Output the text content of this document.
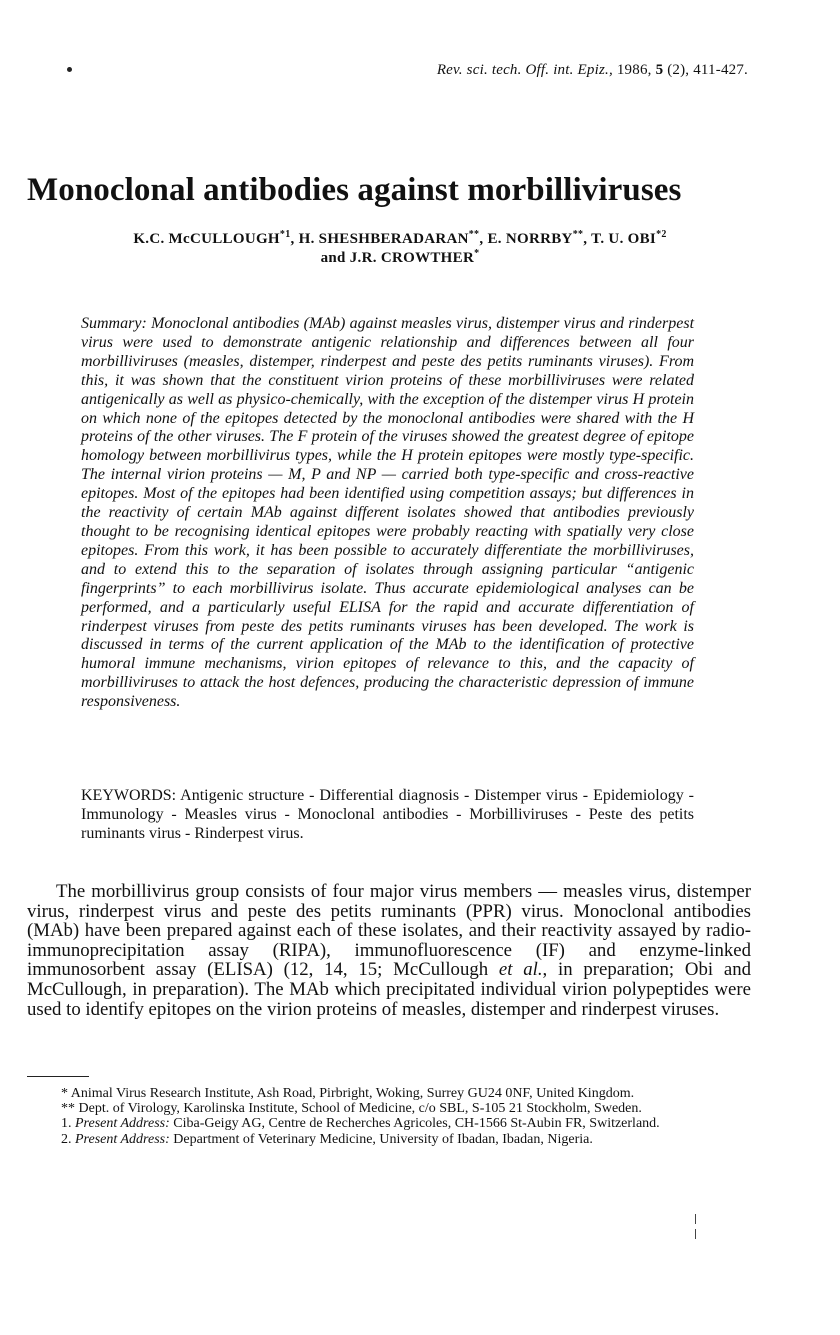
Rev. sci. tech. Off. int. Epiz., 1986, 5 (2), 411-427.
Monoclonal antibodies against morbilliviruses
K.C. McCULLOUGH$^{*1}$, H. SHESHBERADARAN**, E. NORRBY**, T. U. OBI$^{*2}$
and J.R. CROWTHER*

Summary: Monoclonal antibodies (MAb) against measles virus, distemper virus and rinderpest virus were used to demonstrate antigenic relationship and differences between all four morbilliviruses (measles, distemper, rinderpest and peste des petits ruminants viruses). From this, it was shown that the constituent virion proteins of these morbilliviruses were related antigenically as well as physico-chemically, with the exception of the distemper virus H protein on which none of the epitopes detected by the monoclonal antibodies were shared with the H proteins of the other viruses. The F protein of the viruses showed the greatest degree of epitope homology between morbillivirus types, while the H protein epitopes were mostly type-specific. The internal virion proteins — M, P and NP — carried both type-specific and cross-reactive epitopes. Most of the epitopes had been identified using competition assays; but differences in the reactivity of certain MAb against different isolates showed that antibodies previously thought to be recognising identical epitopes were probably reacting with spatially very close epitopes. From this work, it has been possible to accurately differentiate the morbilliviruses, and to extend this to the separation of isolates through assigning particular “antigenic fingerprints” to each morbillivirus isolate. Thus accurate epidemiological analyses can be performed, and a particularly useful ELISA for the rapid and accurate differentiation of rinderpest viruses from peste des petits ruminants viruses has been developed. The work is discussed in terms of the current application of the MAb to the identification of protective humoral immune mechanisms, virion epitopes of relevance to this, and the capacity of morbilliviruses to attack the host defences, producing the characteristic depression of immune responsiveness.

KEYWORDS: Antigenic structure - Differential diagnosis - Distemper virus - Epidemiology - Immunology - Measles virus - Monoclonal antibodies - Morbilliviruses - Peste des petits ruminants virus - Rinderpest virus.

The morbillivirus group consists of four major virus members — measles virus, distemper virus, rinderpest virus and peste des petits ruminants (PPR) virus. Monoclonal antibodies (MAb) have been prepared against each of these isolates, and their reactivity assayed by radio-immunoprecipitation assay (RIPA), immunofluorescence (IF) and enzyme-linked immunosorbent assay (ELISA) (12, 14, 15; McCullough et al., in preparation; Obi and McCullough, in preparation). The MAb which precipitated individual virion polypeptides were used to identify epitopes on the virion proteins of measles, distemper and rinderpest viruses.

* Animal Virus Research Institute, Ash Road, Pirbright, Woking, Surrey GU24 0NF, United Kingdom.

** Dept. of Virology, Karolinska Institute, School of Medicine, c/o SBL, S-105 21 Stockholm, Sweden.

1. Present Address: Ciba-Geigy AG, Centre de Recherches Agricoles, CH-1566 St-Aubin FR, Switzerland.

2. Present Address: Department of Veterinary Medicine, University of Ibadan, Ibadan, Nigeria.
